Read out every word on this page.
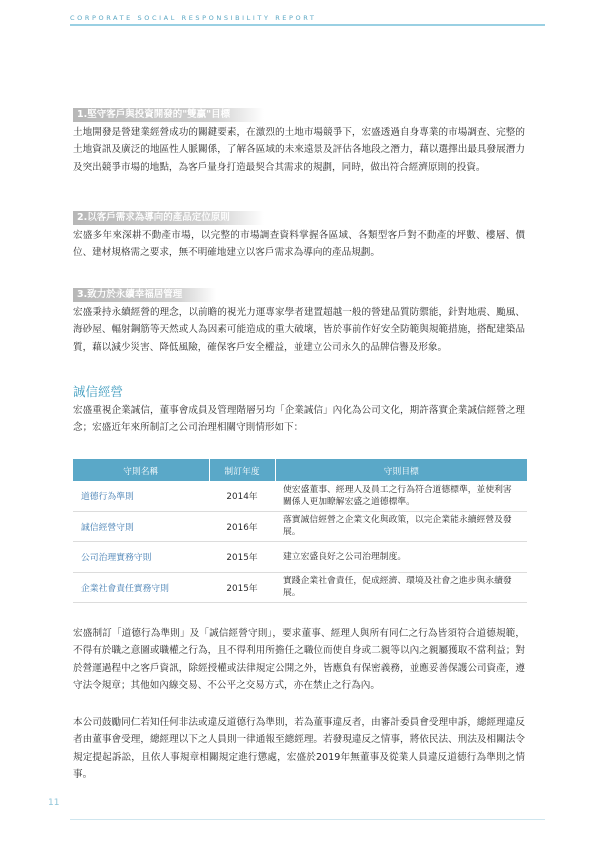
CORPORATE SOCIAL RESPONSIBILITY REPORT
1.堅守客戶與投資開發的"雙贏"目標

土地開發是營建業經營成功的關鍵要素，在激烈的土地市場競爭下，宏盛透過自身專業的市場調查、完整的土地資訊及廣泛的地區性人脈關係，了解各區域的未來遠景及評估各地段之潛力，藉以選擇出最具發展潛力及突出競爭市場的地點，為客戶量身打造最契合其需求的規劃，同時，做出符合經濟原則的投資。

2.以客戶需求為導向的產品定位原則

宏盛多年來深耕不動產市場，以完整的市場調查資料掌握各區域、各類型客戶對不動產的坪數、樓層、價位、建材規格需之要求，無不明確地建立以客戶需求為導向的產品規劃。

3.致力於永續幸福居管理

宏盛秉持永續經營的理念，以前瞻的視光力運專家學者建置超越一般的營建品質防禦能，針對地震、颱風、海砂屋、輻射鋼筋等天然或人為因素可能造成的重大破壞，皆於事前作好安全防範與規範措施，搭配建築品質，藉以減少災害、降低風險，確保客戶安全權益，並建立公司永久的品牌信譽及形象。

誠信經營

宏盛重視企業誠信，董事會成員及管理階層另均「企業誠信」內化為公司文化，期許落實企業誠信經營之理念；宏盛近年來所制訂之公司治理相關守則情形如下：

守則名稱	制訂年度	守則目標
道德行為準則	2014年	使宏盛董事、經理人及員工之行為符合道德標準，並使利害關係人更加瞭解宏盛之道德標準。
誠信經營守則	2016年	落實誠信經營之企業文化與政策，以完企業能永續經營及發展。
公司治理實務守則	2015年	建立宏盛良好之公司治理制度。
企業社會責任實務守則	2015年	實踐企業社會責任，促成經濟、環境及社會之進步與永續發展。

宏盛制訂「道德行為準則」及「誠信經營守則」，要求董事、經理人與所有同仁之行為皆須符合道德規範，不得有於職之意圖或職權之行為，且不得利用所擔任之職位而使自身或二親等以內之親屬獲取不當利益；對於營運過程中之客戶資訊，除經授權或法律規定公開之外，皆應負有保密義務，並應妥善保護公司資產，遵守法令規章；其他如內線交易、不公平之交易方式，亦在禁止之行為內。

本公司鼓勵同仁若知任何非法或違反道德行為準則，若為董事違反者，由審計委員會受理申訴，總經理違反者由董事會受理，總經理以下之人員則一律通報至總經理。若發現違反之情事，將依民法、刑法及相關法令規定提起訴訟，且依人事規章相關規定進行懲處，宏盛於2019年無董事及從業人員違反道德行為準則之情事。

11
